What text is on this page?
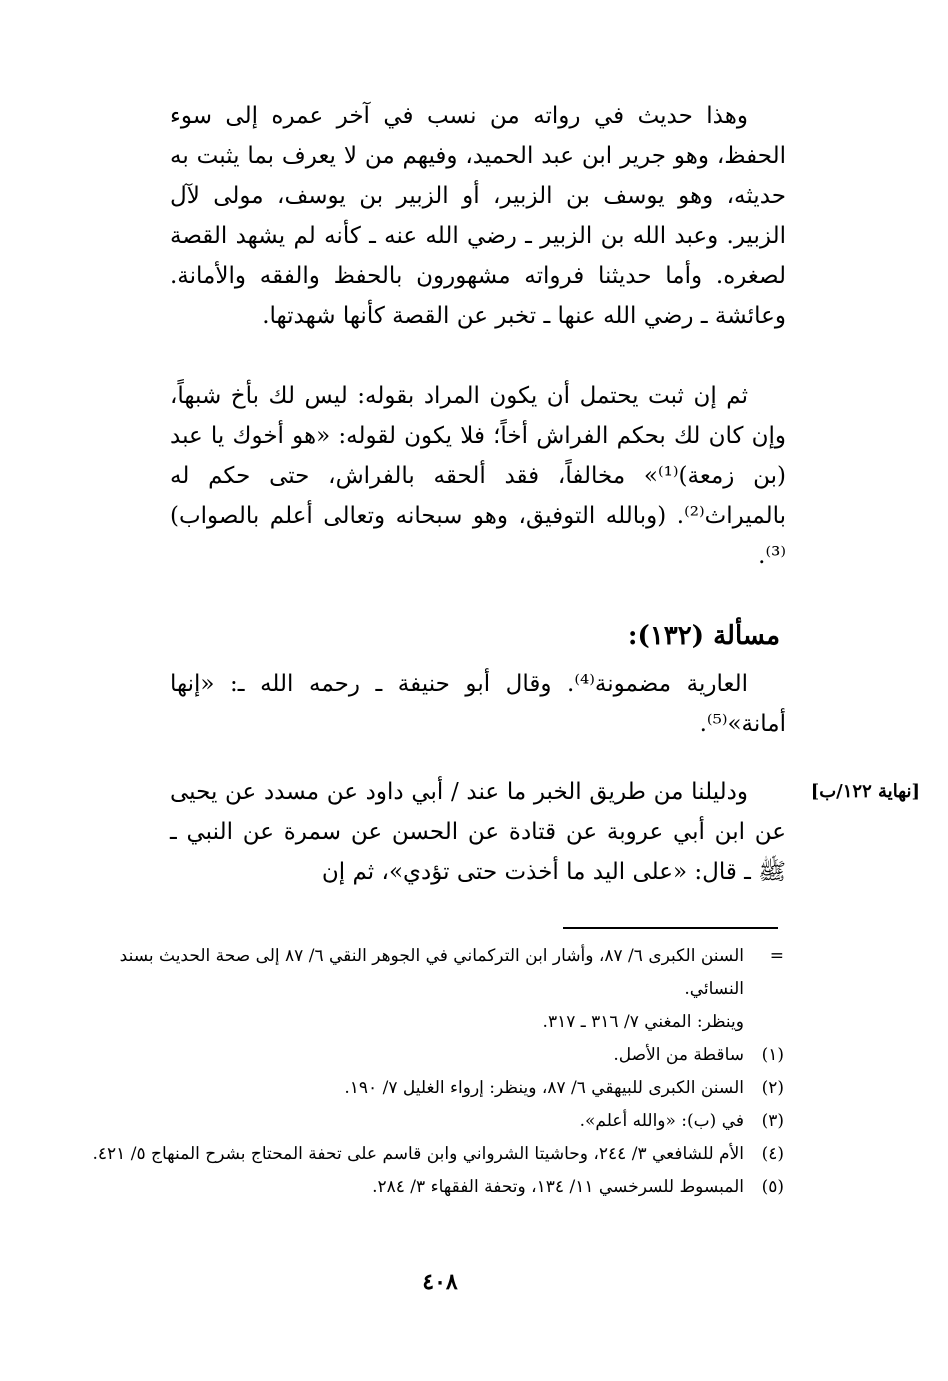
وهذا حديث في رواته من نسب في آخر عمره إلى سوء الحفظ، وهو جرير ابن عبد الحميد، وفيهم من لا يعرف بما يثبت به حديثه، وهو يوسف بن الزبير، أو الزبير بن يوسف، مولى لآل الزبير. وعبد الله بن الزبير ـ رضي الله عنه ـ كأنه لم يشهد القصة لصغره. وأما حديثنا فرواته مشهورون بالحفظ والفقه والأمانة. وعائشة ـ رضي الله عنها ـ تخبر عن القصة كأنها شهدتها.

ثم إن ثبت يحتمل أن يكون المراد بقوله: ليس لك بأخ شبهاً، وإن كان لك بحكم الفراش أخاً؛ فلا يكون لقوله: «هو أخوك يا عبد (بن زمعة)⁽¹⁾» مخالفاً، فقد ألحقه بالفراش، حتى حكم له بالميراث⁽²⁾. (وبالله التوفيق، وهو سبحانه وتعالى أعلم بالصواب)⁽³⁾.

مسألة (١٣٢):

العارية مضمونة⁽⁴⁾. وقال أبو حنيفة ـ رحمه الله ـ: «إنها أمانة»⁽⁵⁾.

[نهاية ١٢٢/ب]

ودليلنا من طريق الخبر ما عند / أبي داود عن مسدد عن يحيى عن ابن أبي عروبة عن قتادة عن الحسن عن سمرة عن النبي ـ ﷺ ـ قال: «على اليد ما أخذت حتى تؤدي»، ثم إن

=
السنن الكبرى ٦/ ٨٧، وأشار ابن التركماني في الجوهر النقي ٦/ ٨٧ إلى صحة الحديث بسند النسائي.
وينظر: المغني ٧/ ٣١٦ ـ ٣١٧.
(١)
ساقطة من الأصل.
(٢)
السنن الكبرى للبيهقي ٦/ ٨٧، وينظر: إرواء الغليل ٧/ ١٩٠.
(٣)
في (ب): «والله أعلم».
(٤)
الأم للشافعي ٣/ ٢٤٤، وحاشيتا الشرواني وابن قاسم على تحفة المحتاج بشرح المنهاج ٥/ ٤٢١.
(٥)
المبسوط للسرخسي ١١/ ١٣٤، وتحفة الفقهاء ٣/ ٢٨٤.
٤٠٨
